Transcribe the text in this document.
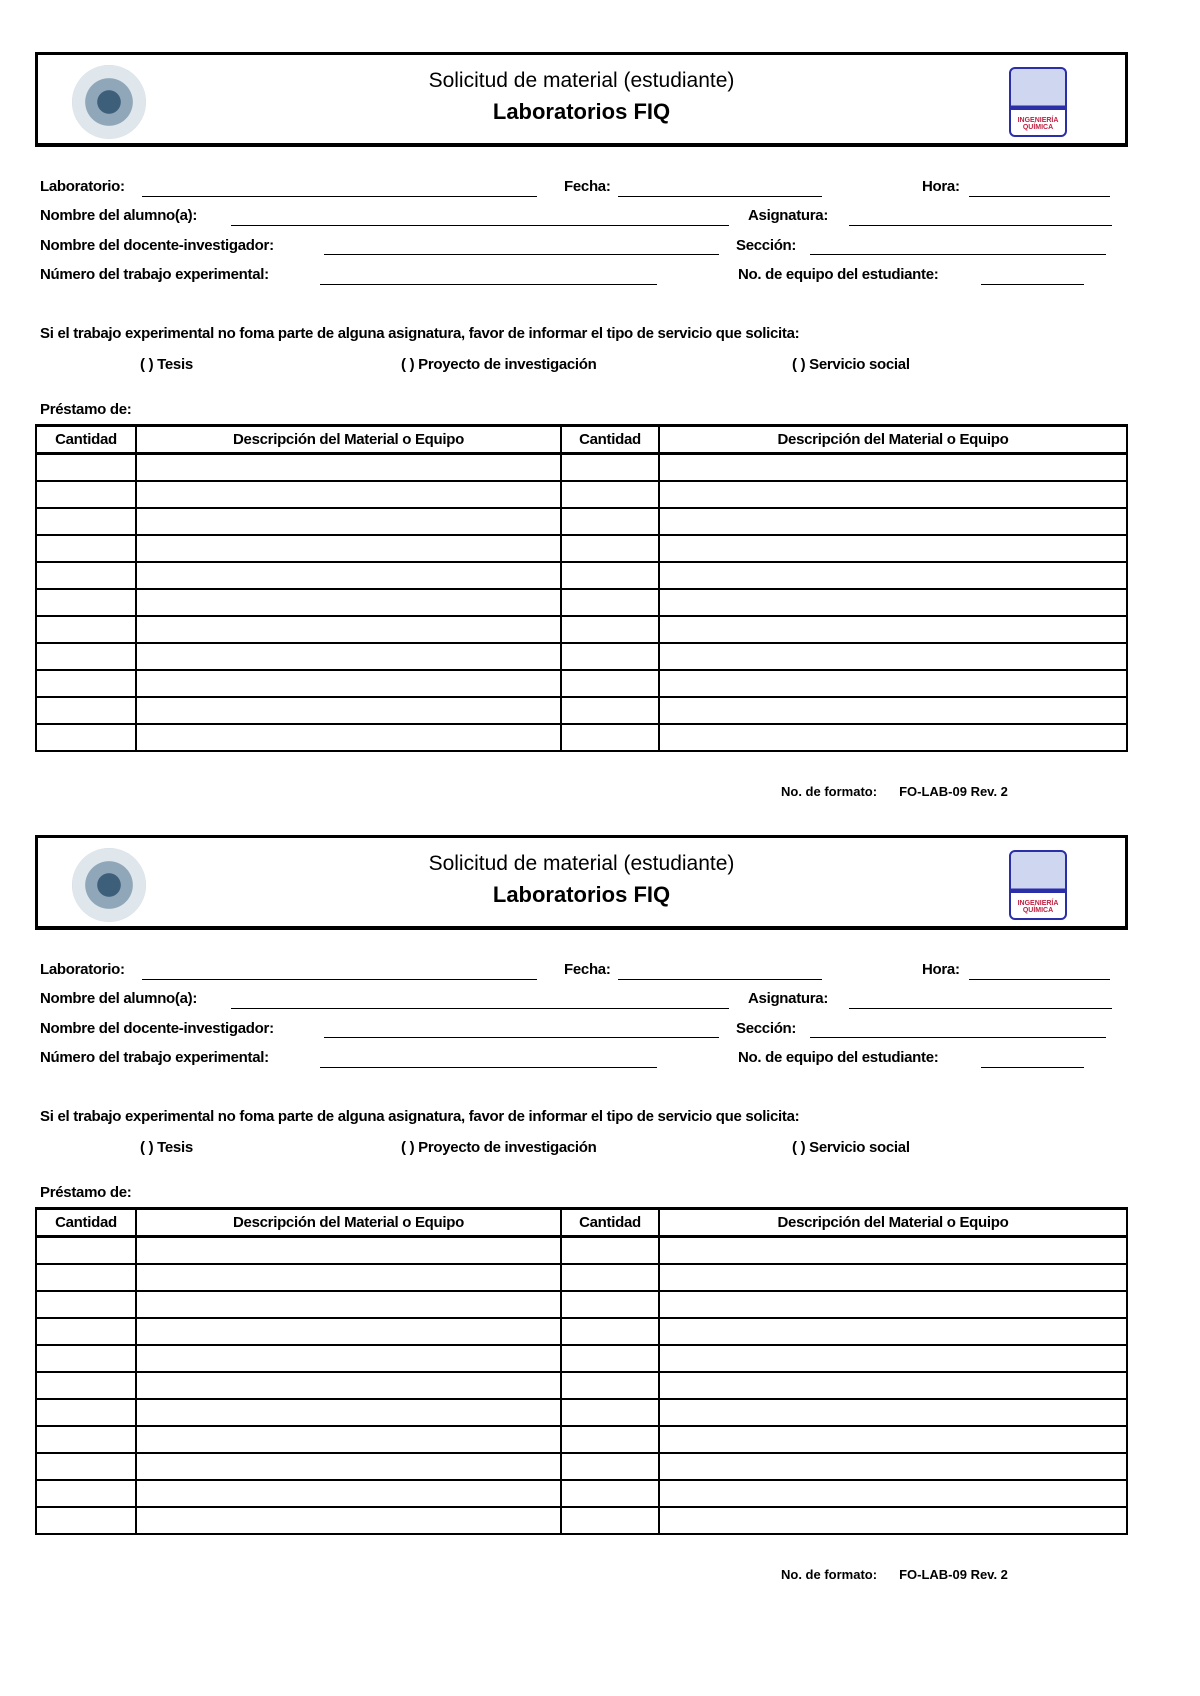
Solicitud de material (estudiante)
Laboratorios FIQ	INGENIERÍA QUÍMICA
Laboratorio:	Fecha:	Hora:
Nombre del alumno(a):	Asignatura:
Nombre del docente-investigador:	Sección:
Número del trabajo experimental:	No. de equipo del estudiante:
Si el trabajo experimental no foma parte de alguna asignatura, favor de informar el tipo de servicio que solicita:
( ) Tesis	( ) Proyecto de investigación	( ) Servicio social
Préstamo de:
Cantidad	Descripción del Material o Equipo	Cantidad	Descripción del Material o Equipo

No. de formato: FO-LAB-09 Rev. 2
Solicitud de material (estudiante)
Laboratorios FIQ	INGENIERÍA QUÍMICA
Laboratorio:	Fecha:	Hora:
Nombre del alumno(a):	Asignatura:
Nombre del docente-investigador:	Sección:
Número del trabajo experimental:	No. de equipo del estudiante:
Si el trabajo experimental no foma parte de alguna asignatura, favor de informar el tipo de servicio que solicita:
( ) Tesis	( ) Proyecto de investigación	( ) Servicio social
Préstamo de:
Cantidad	Descripción del Material o Equipo	Cantidad	Descripción del Material o Equipo

No. de formato: FO-LAB-09 Rev. 2
